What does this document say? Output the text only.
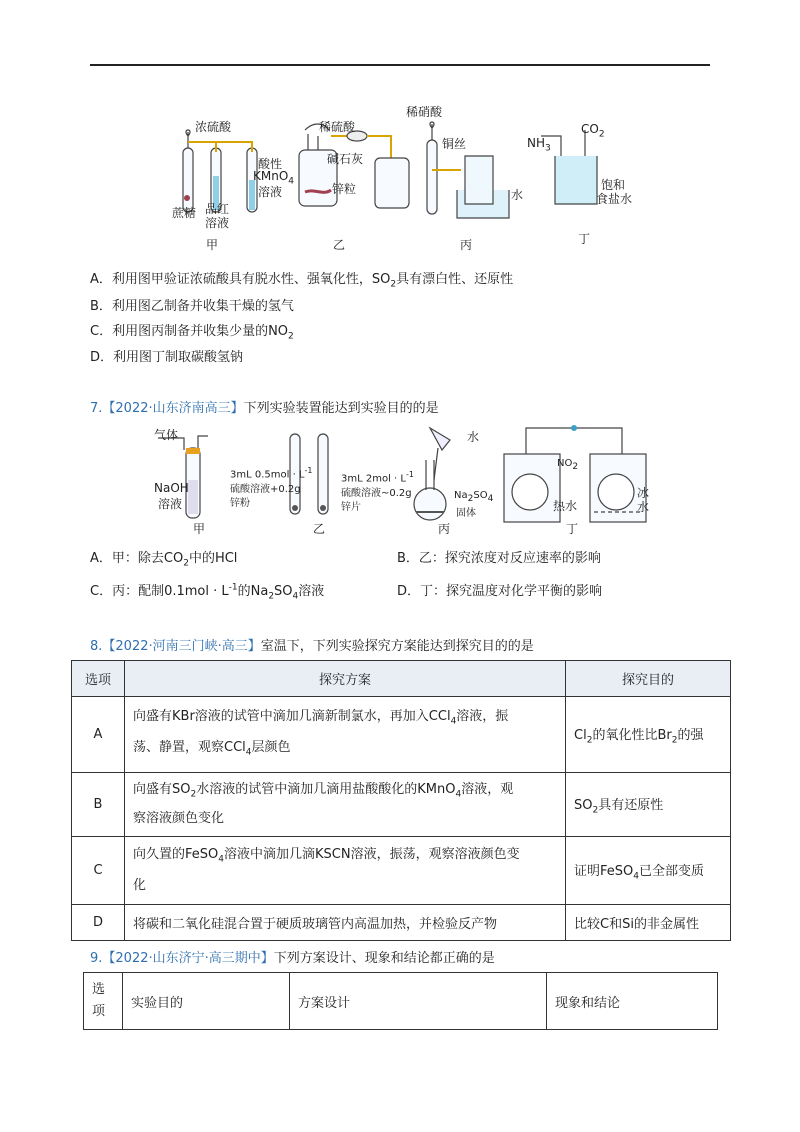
浓硫酸
酸性
KMnO$_4$
溶液
蔗糖 品红
溶液
甲
稀硫酸
碱石灰
锌粒
乙
稀硝酸
铜丝
水
丙
$NH_3$
$CO_2$
饱和
食盐水
丁
A．利用图甲验证浓硫酸具有脱水性、强氧化性，$SO_2$具有漂白性、还原性
B．利用图乙制备并收集干燥的氢气
C．利用图丙制备并收集少量的$NO_2$
D．利用图丁制取碳酸氢钠
7.【2022·山东济南高三】下列实验装置能达到实验目的的是
气体
NaOH
溶液
甲
3mL $0.5mol \cdot L^{-1}$
硫酸溶液+0.2g
锌粉
3mL $2mol \cdot L^{-1}$
硫酸溶液~0.2g
锌片
乙
水
$Na_2SO_4$
固体
丙
$NO_2$
热水
冰
水
丁
A．甲：除去$CO_2$中的HCl	B．乙：探究浓度对反应速率的影响
C．丙：配制$0.1mol \cdot L^{-1}$的$Na_2SO_4$溶液	D．丁：探究温度对化学平衡的影响
8.【2022·河南三门峡·高三】室温下，下列实验探究方案能达到探究目的的是
选项	探究方案	探究目的
A	向盛有KBr溶液的试管中滴加几滴新制氯水，再加入CCl$_4$溶液，振
荡、静置，观察CCl$_4$层颜色	$Cl_2$的氧化性比$Br_2$的强
B	向盛有$SO_2$水溶液的试管中滴加几滴用盐酸酸化的KMnO$_4$溶液，观
察溶液颜色变化	$SO_2$具有还原性
C	向久置的FeSO$_4$溶液中滴加几滴KSCN溶液，振荡，观察溶液颜色变
化	证明FeSO$_4$已全部变质
D	将碳和二氧化硅混合置于硬质玻璃管内高温加热，并检验反产物	比较C和Si的非金属性
9.【2022·山东济宁·高三期中】下列方案设计、现象和结论都正确的是
选
项	实验目的	方案设计	现象和结论
